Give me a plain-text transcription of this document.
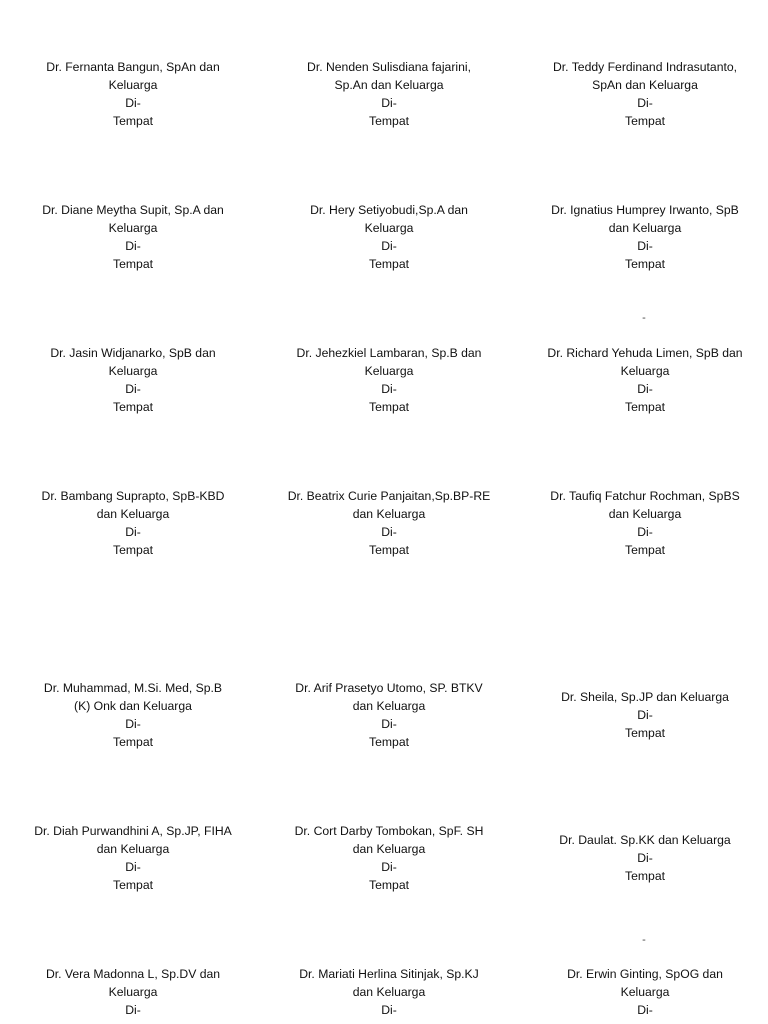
Dr. Fernanta Bangun, SpAn dan
Keluarga
Di-
Tempat
Dr. Nenden Sulisdiana fajarini,
Sp.An dan Keluarga
Di-
Tempat
Dr. Teddy Ferdinand Indrasutanto,
SpAn dan Keluarga
Di-
Tempat
Dr. Diane Meytha Supit, Sp.A dan
Keluarga
Di-
Tempat
Dr. Hery Setiyobudi,Sp.A dan
Keluarga
Di-
Tempat
Dr. Ignatius Humprey Irwanto, SpB
dan Keluarga
Di-
Tempat
-
Dr. Jasin Widjanarko, SpB dan
Keluarga
Di-
Tempat
Dr. Jehezkiel Lambaran, Sp.B dan
Keluarga
Di-
Tempat
Dr. Richard Yehuda Limen, SpB dan
Keluarga
Di-
Tempat
Dr. Bambang Suprapto, SpB-KBD
dan Keluarga
Di-
Tempat
Dr. Beatrix Curie Panjaitan,Sp.BP-RE
dan Keluarga
Di-
Tempat
Dr. Taufiq Fatchur Rochman, SpBS
dan Keluarga
Di-
Tempat
Dr. Muhammad, M.Si. Med, Sp.B
(K) Onk dan Keluarga
Di-
Tempat
Dr. Arif Prasetyo Utomo, SP. BTKV
dan Keluarga
Di-
Tempat
Dr. Sheila, Sp.JP dan Keluarga
Di-
Tempat
Dr. Diah Purwandhini A, Sp.JP, FIHA
dan Keluarga
Di-
Tempat
Dr. Cort Darby Tombokan, SpF. SH
dan Keluarga
Di-
Tempat
Dr. Daulat. Sp.KK dan Keluarga
Di-
Tempat
-
Dr. Vera Madonna L, Sp.DV dan
Keluarga
Di-
Dr. Mariati Herlina Sitinjak, Sp.KJ
dan Keluarga
Di-
Dr. Erwin Ginting, SpOG dan
Keluarga
Di-
